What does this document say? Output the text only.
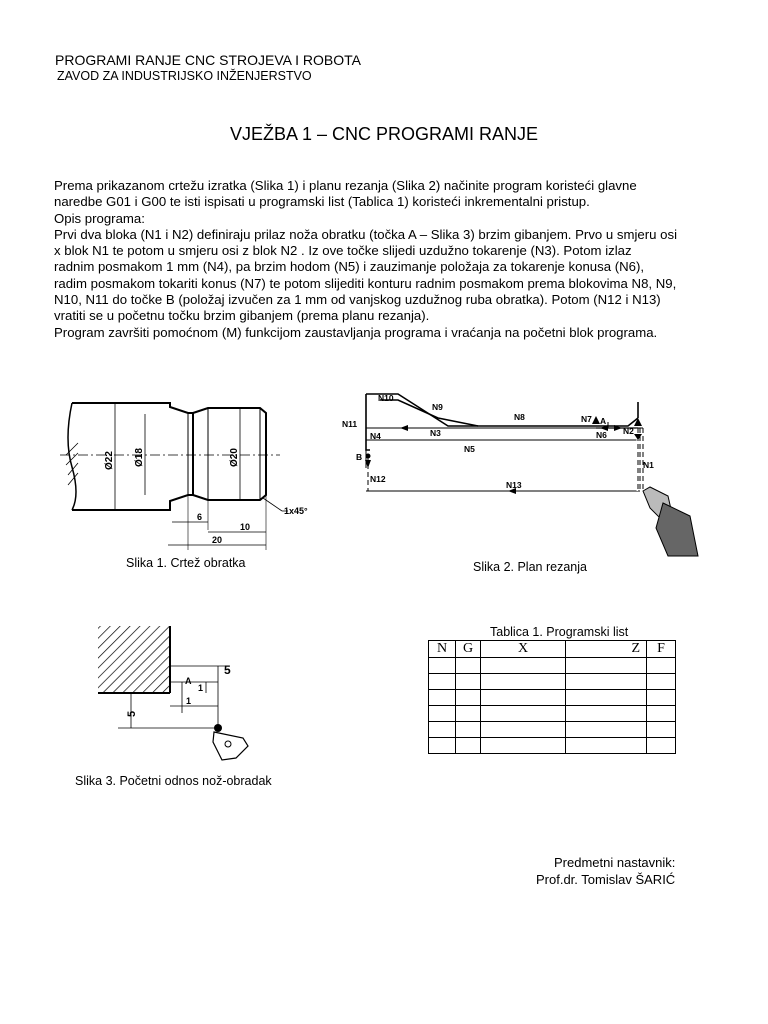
PROGRAMI RANJE CNC STROJEVA I ROBOTA
ZAVOD ZA INDUSTRIJSKO INŽENJERSTVO
VJEŽBA 1 – CNC PROGRAMI RANJE
Prema prikazanom crtežu izratka (Slika 1) i planu rezanja (Slika 2) načinite program koristeći glavne
naredbe G01 i G00 te isti ispisati u programski list (Tablica 1) koristeći inkrementalni pristup.
Opis programa:
Prvi dva bloka (N1 i N2) definiraju prilaz noža obratku (točka A – Slika 3) brzim gibanjem. Prvo u smjeru osi
x blok N1 te potom u smjeru osi z blok N2 . Iz ove točke slijedi uzdužno tokarenje (N3). Potom izlaz
radnim posmakom 1 mm (N4), pa brzim hodom (N5) i zauzimanje položaja za tokarenje konusa (N6),
radim posmakom tokariti konus (N7) te potom slijediti konturu radnim posmakom prema blokovima N8, N9,
N10, N11 do točke B (položaj izvučen za 1 mm od vanjskog uzdužnog ruba obratka). Potom (N12 i N13)
vratiti se u početnu točku brzim gibanjem (prema planu rezanja).
Program završiti pomoćnom (M) funkcijom zaustavljanja programa i vraćanja na početni blok programa.
Ø22 Ø18	Ø20
6
10
20
1x45°
Slika 1. Crtež obratka
N10
N9
N8	N7 A
N11
N3
N4	N6 N2
N5
B
N1
N12
N13
Slika 2. Plan rezanja
5
5
1
1
A
Slika 3. Početni odnos nož-obradak
Tablica 1. Programski list
N	G	X	Z	F

Predmetni nastavnik:
Prof.dr. Tomislav ŠARIĆ
